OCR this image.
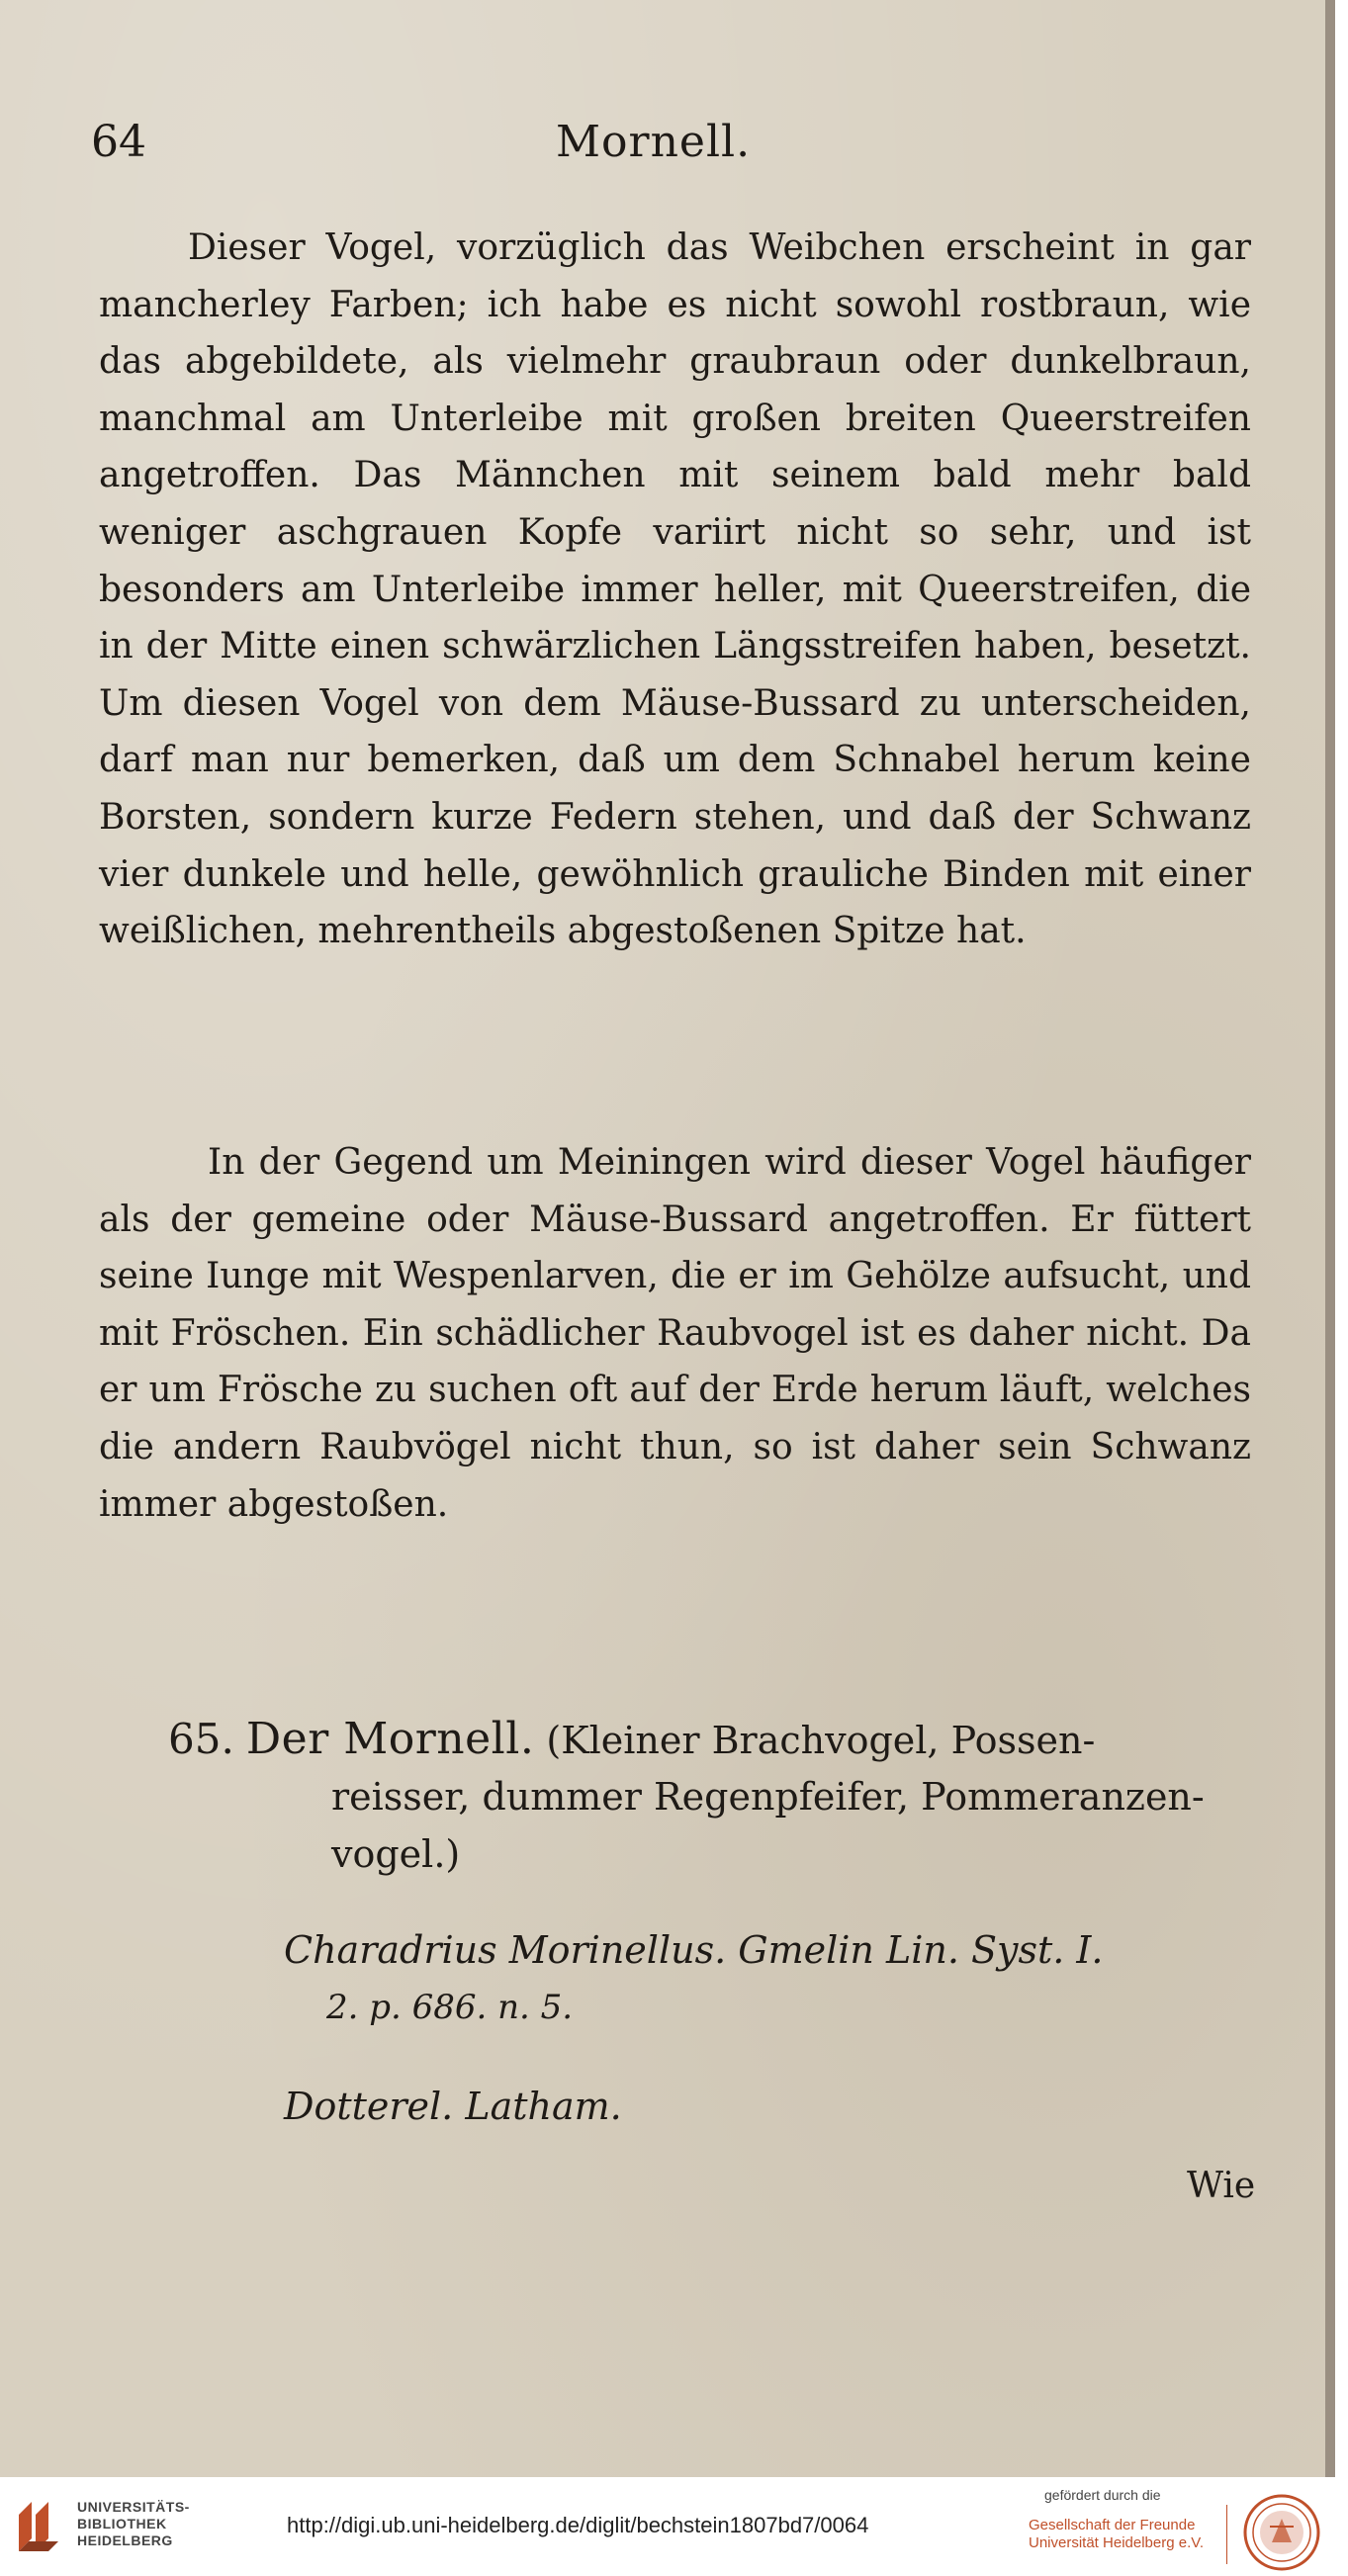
64	Mornell.

Dieser Vogel, vorzüglich das Weibchen erscheint in gar mancherley Farben; ich habe es nicht sowohl rostbraun, wie das abgebildete, als vielmehr graubraun oder dunkelbraun, manchmal am Unterleibe mit großen breiten Queerstreifen angetroffen. Das Männchen mit seinem bald mehr bald weniger aschgrauen Kopfe variirt nicht so sehr, und ist besonders am Unterleibe immer heller, mit Queerstreifen, die in der Mitte einen schwärzlichen Längsstreifen haben, besetzt. Um diesen Vogel von dem Mäuse-Bussard zu unterscheiden, darf man nur bemerken, daß um dem Schnabel herum keine Borsten, sondern kurze Federn stehen, und daß der Schwanz vier dunkele und helle, gewöhnlich grauliche Binden mit einer weißlichen, mehrentheils abgestoßenen Spitze hat.

In der Gegend um Meiningen wird dieser Vogel häufiger als der gemeine oder Mäuse-Bussard angetroffen. Er füttert seine Iunge mit Wespenlarven, die er im Gehölze aufsucht, und mit Fröschen. Ein schädlicher Raubvogel ist es daher nicht. Da er um Frösche zu suchen oft auf der Erde herum läuft, welches die andern Raubvögel nicht thun, so ist daher sein Schwanz immer abgestoßen.

65. Der Mornell. (Kleiner Brachvogel, Possen-
reisser, dummer Regenpfeifer, Pommeranzen-vogel.)
Charadrius Morinellus. Gmelin Lin. Syst. I.
2. p. 686. n. 5.
Dotterel. Latham.
Wie
UNIVERSITÄTS-
BIBLIOTHEK
HEIDELBERG
http://digi.ub.uni-heidelberg.de/diglit/bechstein1807bd7/0064
gefördert durch die
Gesellschaft der Freunde
Universität Heidelberg e.V.
